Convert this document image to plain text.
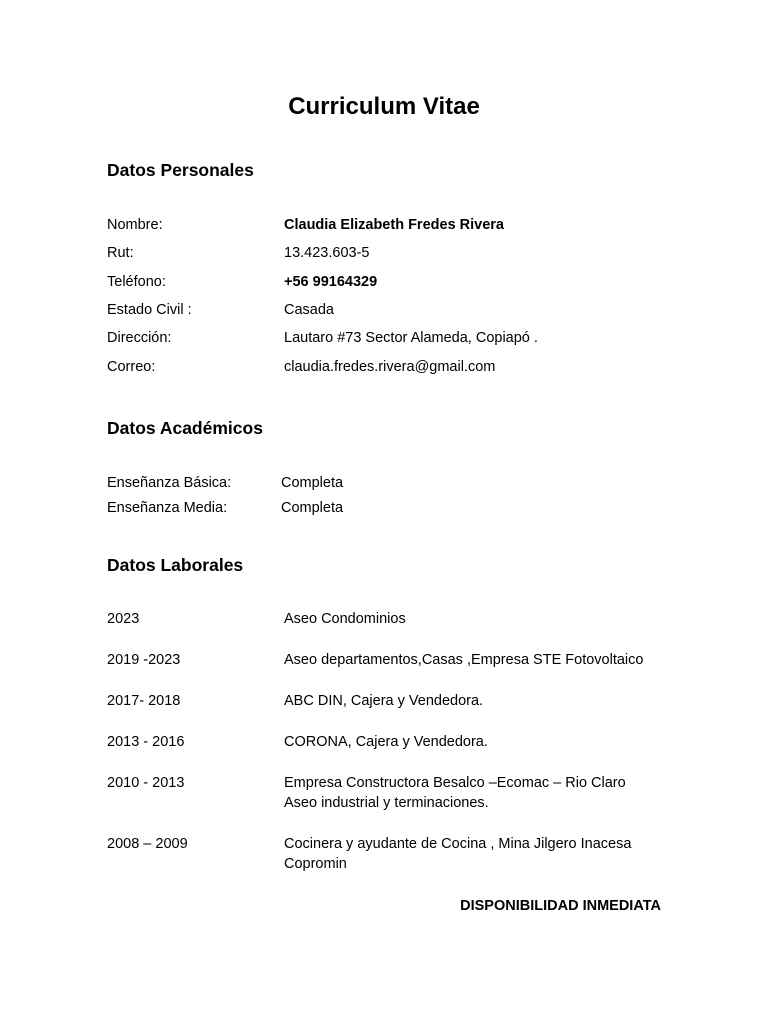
Curriculum Vitae
Datos Personales
Nombre:	Claudia Elizabeth Fredes Rivera
Rut:	13.423.603-5
Teléfono:	+56 99164329
Estado Civil :	Casada
Dirección:	Lautaro #73 Sector Alameda, Copiapó .
Correo:	claudia.fredes.rivera@gmail.com
Datos Académicos
Enseñanza Básica:	Completa
Enseñanza Media:	Completa
Datos Laborales
2023	Aseo Condominios
2019 -2023	Aseo departamentos,Casas ,Empresa STE Fotovoltaico
2017- 2018	ABC DIN, Cajera y Vendedora.
2013 - 2016	CORONA, Cajera y Vendedora.
2010 - 2013	Empresa Constructora Besalco –Ecomac – Rio Claro
Aseo industrial y terminaciones.
2008 – 2009	Cocinera y ayudante de Cocina , Mina Jilgero Inacesa
Copromin
DISPONIBILIDAD INMEDIATA
